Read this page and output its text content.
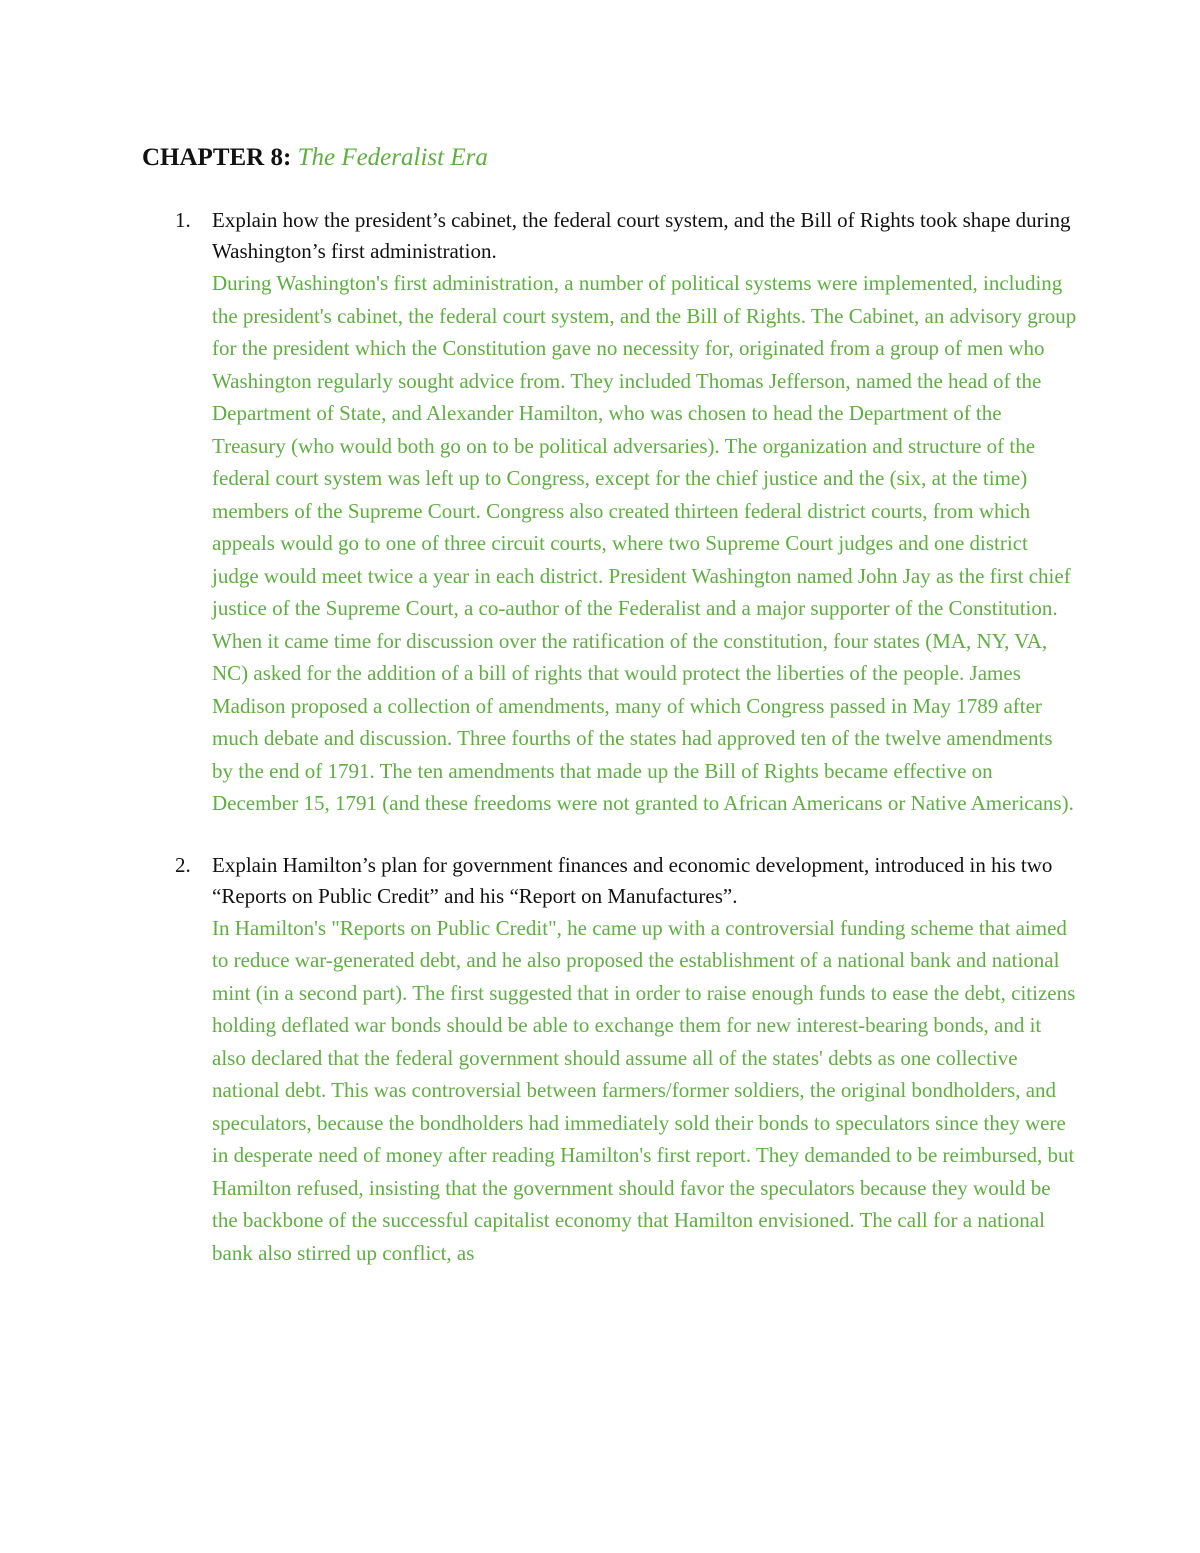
CHAPTER 8: The Federalist Era
1. Explain how the president’s cabinet, the federal court system, and the Bill of Rights took shape during Washington’s first administration.

During Washington's first administration, a number of political systems were implemented, including the president's cabinet, the federal court system, and the Bill of Rights. The Cabinet, an advisory group for the president which the Constitution gave no necessity for, originated from a group of men who Washington regularly sought advice from. They included Thomas Jefferson, named the head of the Department of State, and Alexander Hamilton, who was chosen to head the Department of the Treasury (who would both go on to be political adversaries). The organization and structure of the federal court system was left up to Congress, except for the chief justice and the (six, at the time) members of the Supreme Court. Congress also created thirteen federal district courts, from which appeals would go to one of three circuit courts, where two Supreme Court judges and one district judge would meet twice a year in each district. President Washington named John Jay as the first chief justice of the Supreme Court, a co-author of the Federalist and a major supporter of the Constitution. When it came time for discussion over the ratification of the constitution, four states (MA, NY, VA, NC) asked for the addition of a bill of rights that would protect the liberties of the people. James Madison proposed a collection of amendments, many of which Congress passed in May 1789 after much debate and discussion. Three fourths of the states had approved ten of the twelve amendments by the end of 1791. The ten amendments that made up the Bill of Rights became effective on December 15, 1791 (and these freedoms were not granted to African Americans or Native Americans).

2. Explain Hamilton’s plan for government finances and economic development, introduced in his two “Reports on Public Credit” and his “Report on Manufactures”.

In Hamilton's "Reports on Public Credit", he came up with a controversial funding scheme that aimed to reduce war-generated debt, and he also proposed the establishment of a national bank and national mint (in a second part). The first suggested that in order to raise enough funds to ease the debt, citizens holding deflated war bonds should be able to exchange them for new interest-bearing bonds, and it also declared that the federal government should assume all of the states' debts as one collective national debt. This was controversial between farmers/former soldiers, the original bondholders, and speculators, because the bondholders had immediately sold their bonds to speculators since they were in desperate need of money after reading Hamilton's first report. They demanded to be reimbursed, but Hamilton refused, insisting that the government should favor the speculators because they would be the backbone of the successful capitalist economy that Hamilton envisioned. The call for a national bank also stirred up conflict, as
